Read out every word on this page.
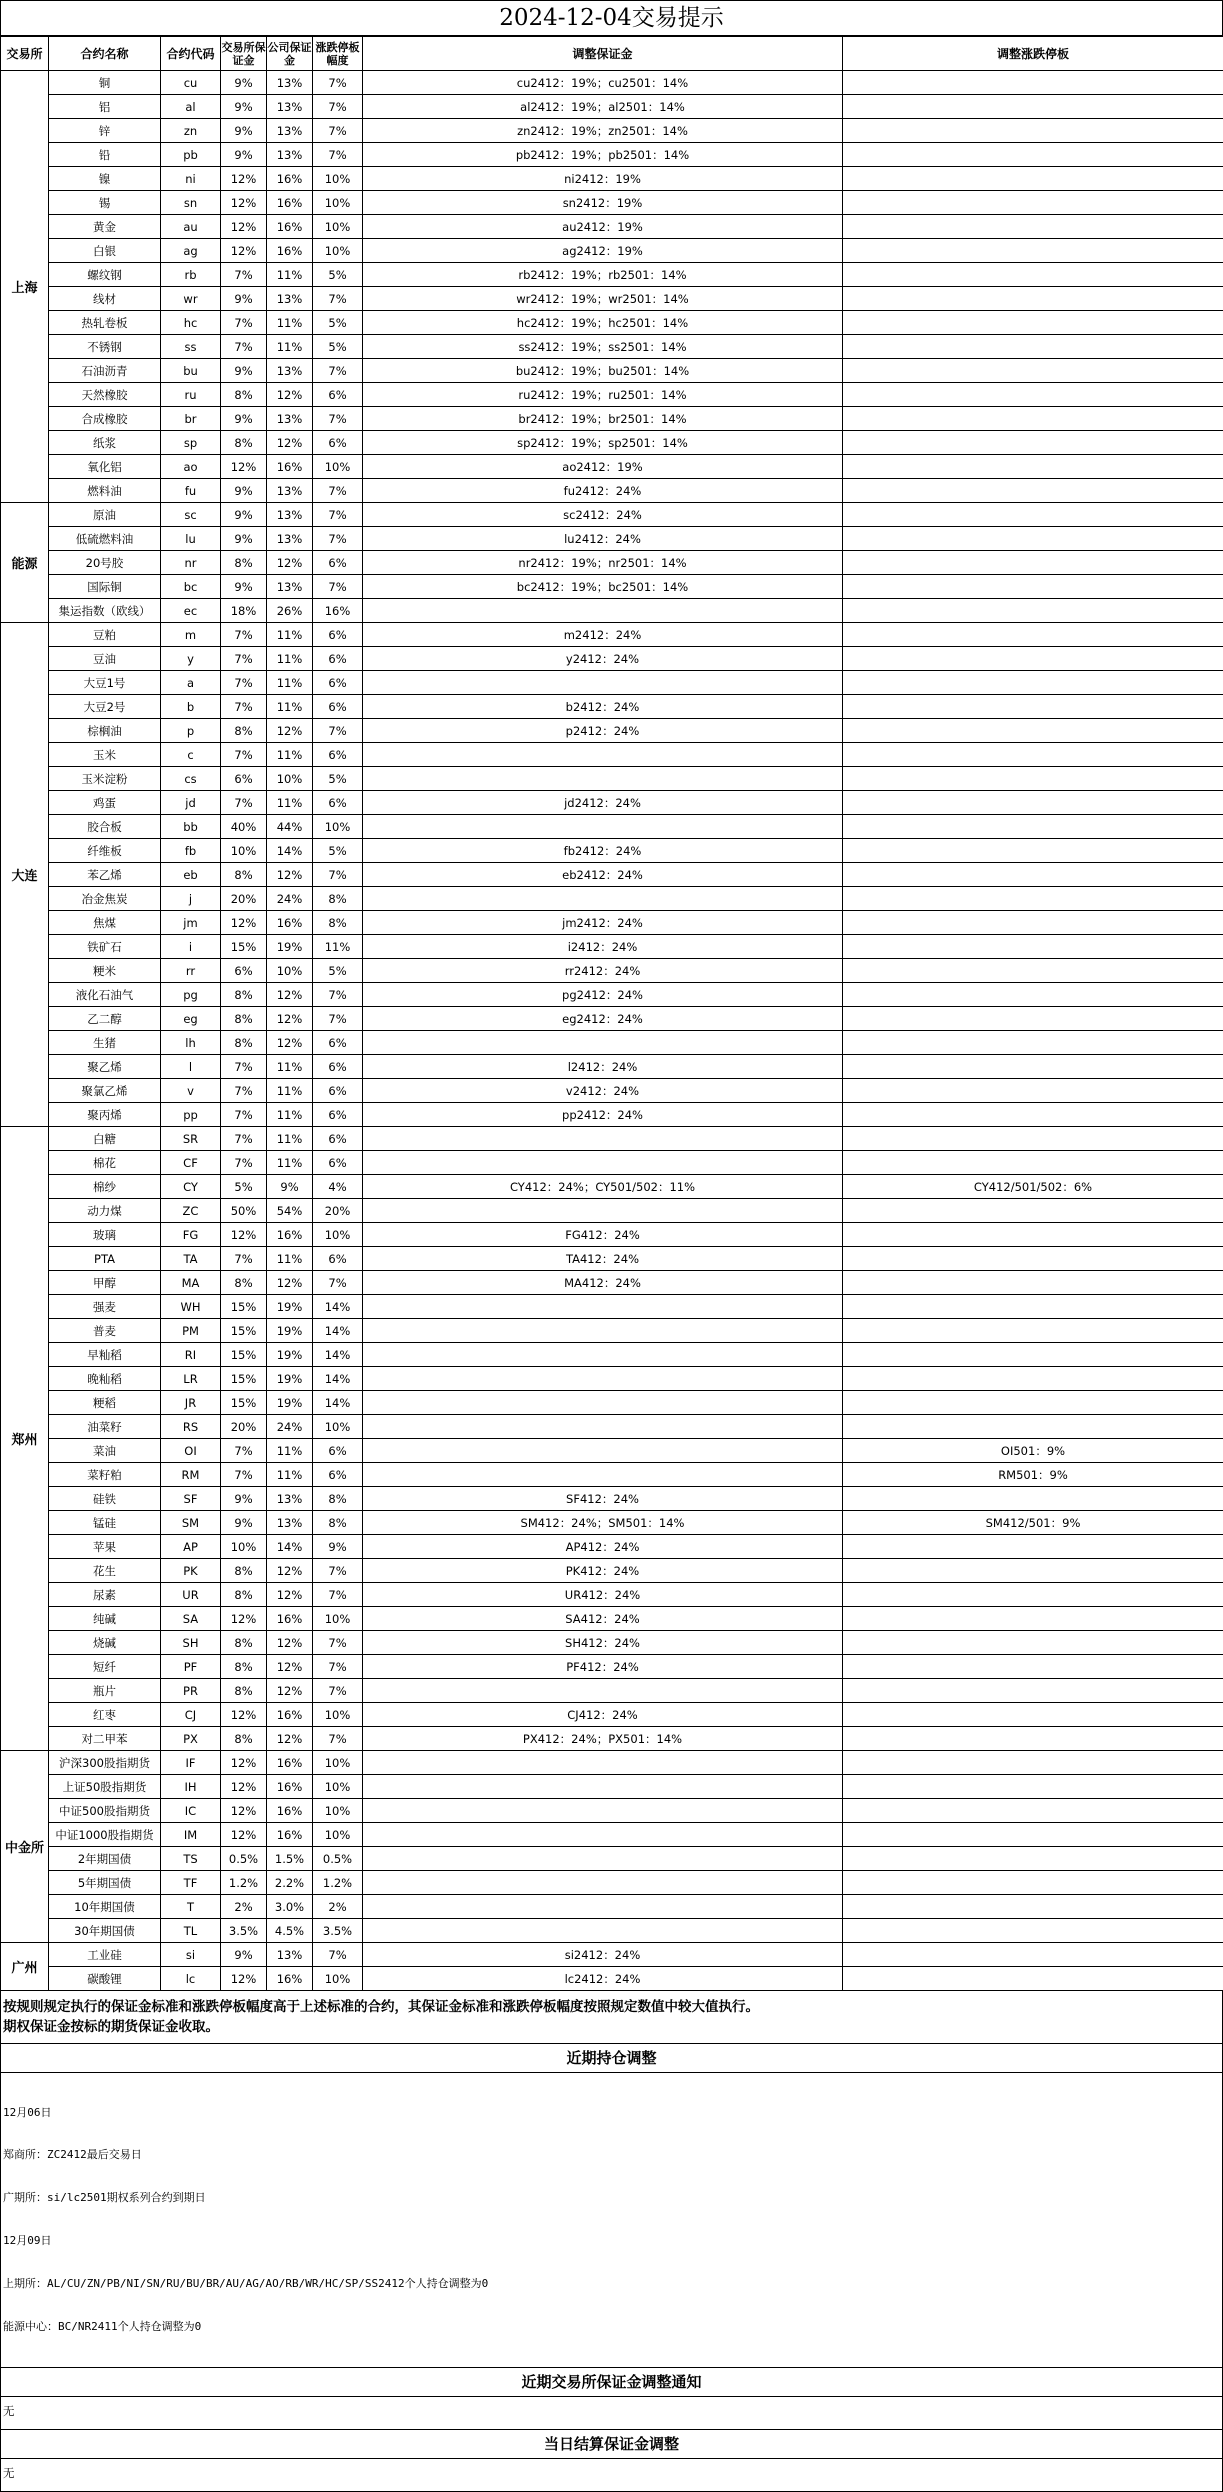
2024-12-04交易提示
交易所	合约名称	合约代码	交易所保证金	公司保证金	涨跌停板幅度	调整保证金	调整涨跌停板
上海	铜	cu	9%	13%	7%	cu2412：19%；cu2501：14%	
	铝	al	9%	13%	7%	al2412：19%；al2501：14%	
	锌	zn	9%	13%	7%	zn2412：19%；zn2501：14%	
	铅	pb	9%	13%	7%	pb2412：19%；pb2501：14%	
	镍	ni	12%	16%	10%	ni2412：19%	
	锡	sn	12%	16%	10%	sn2412：19%	
	黄金	au	12%	16%	10%	au2412：19%	
	白银	ag	12%	16%	10%	ag2412：19%	
	螺纹钢	rb	7%	11%	5%	rb2412：19%；rb2501：14%	
	线材	wr	9%	13%	7%	wr2412：19%；wr2501：14%	
	热轧卷板	hc	7%	11%	5%	hc2412：19%；hc2501：14%	
	不锈钢	ss	7%	11%	5%	ss2412：19%；ss2501：14%	
	石油沥青	bu	9%	13%	7%	bu2412：19%；bu2501：14%	
	天然橡胶	ru	8%	12%	6%	ru2412：19%；ru2501：14%	
	合成橡胶	br	9%	13%	7%	br2412：19%；br2501：14%	
	纸浆	sp	8%	12%	6%	sp2412：19%；sp2501：14%	
	氧化铝	ao	12%	16%	10%	ao2412：19%	
	燃料油	fu	9%	13%	7%	fu2412：24%	
能源	原油	sc	9%	13%	7%	sc2412：24%	
	低硫燃料油	lu	9%	13%	7%	lu2412：24%	
	20号胶	nr	8%	12%	6%	nr2412：19%；nr2501：14%	
	国际铜	bc	9%	13%	7%	bc2412：19%；bc2501：14%	
	集运指数（欧线）	ec	18%	26%	16%		
大连	豆粕	m	7%	11%	6%	m2412：24%	
	豆油	y	7%	11%	6%	y2412：24%	
	大豆1号	a	7%	11%	6%		
	大豆2号	b	7%	11%	6%	b2412：24%	
	棕榈油	p	8%	12%	7%	p2412：24%	
	玉米	c	7%	11%	6%		
	玉米淀粉	cs	6%	10%	5%		
	鸡蛋	jd	7%	11%	6%	jd2412：24%	
	胶合板	bb	40%	44%	10%		
	纤维板	fb	10%	14%	5%	fb2412：24%	
	苯乙烯	eb	8%	12%	7%	eb2412：24%	
	冶金焦炭	j	20%	24%	8%		
	焦煤	jm	12%	16%	8%	jm2412：24%	
	铁矿石	i	15%	19%	11%	i2412：24%	
	粳米	rr	6%	10%	5%	rr2412：24%	
	液化石油气	pg	8%	12%	7%	pg2412：24%	
	乙二醇	eg	8%	12%	7%	eg2412：24%	
	生猪	lh	8%	12%	6%		
	聚乙烯	l	7%	11%	6%	l2412：24%	
	聚氯乙烯	v	7%	11%	6%	v2412：24%	
	聚丙烯	pp	7%	11%	6%	pp2412：24%	
郑州	白糖	SR	7%	11%	6%		
	棉花	CF	7%	11%	6%		
	棉纱	CY	5%	9%	4%	CY412：24%；CY501/502：11%	CY412/501/502：6%
	动力煤	ZC	50%	54%	20%		
	玻璃	FG	12%	16%	10%	FG412：24%	
	PTA	TA	7%	11%	6%	TA412：24%	
	甲醇	MA	8%	12%	7%	MA412：24%	
	强麦	WH	15%	19%	14%		
	普麦	PM	15%	19%	14%		
	早籼稻	RI	15%	19%	14%		
	晚籼稻	LR	15%	19%	14%		
	粳稻	JR	15%	19%	14%		
	油菜籽	RS	20%	24%	10%		
	菜油	OI	7%	11%	6%		OI501：9%
	菜籽粕	RM	7%	11%	6%		RM501：9%
	硅铁	SF	9%	13%	8%	SF412：24%	
	锰硅	SM	9%	13%	8%	SM412：24%；SM501：14%	SM412/501：9%
	苹果	AP	10%	14%	9%	AP412：24%	
	花生	PK	8%	12%	7%	PK412：24%	
	尿素	UR	8%	12%	7%	UR412：24%	
	纯碱	SA	12%	16%	10%	SA412：24%	
	烧碱	SH	8%	12%	7%	SH412：24%	
	短纤	PF	8%	12%	7%	PF412：24%	
	瓶片	PR	8%	12%	7%		
	红枣	CJ	12%	16%	10%	CJ412：24%	
	对二甲苯	PX	8%	12%	7%	PX412：24%；PX501：14%	
中金所	沪深300股指期货	IF	12%	16%	10%		
	上证50股指期货	IH	12%	16%	10%		
	中证500股指期货	IC	12%	16%	10%		
	中证1000股指期货	IM	12%	16%	10%		
	2年期国债	TS	0.5%	1.5%	0.5%		
	5年期国债	TF	1.2%	2.2%	1.2%		
	10年期国债	T	2%	3.0%	2%		
	30年期国债	TL	3.5%	4.5%	3.5%		
广州	工业硅	si	9%	13%	7%	si2412：24%	
	碳酸锂	lc	12%	16%	10%	lc2412：24%	
按规则规定执行的保证金标准和涨跌停板幅度高于上述标准的合约，其保证金标准和涨跌停板幅度按照规定数值中较大值执行。
期权保证金按标的期货保证金收取。
近期持仓调整

12月06日

郑商所：ZC2412最后交易日

广期所：si/lc2501期权系列合约到期日

12月09日

上期所：AL/CU/ZN/PB/NI/SN/RU/BU/BR/AU/AG/AO/RB/WR/HC/SP/SS2412个人持仓调整为0

能源中心：BC/NR2411个人持仓调整为0

近期交易所保证金调整通知
无
当日结算保证金调整
无
